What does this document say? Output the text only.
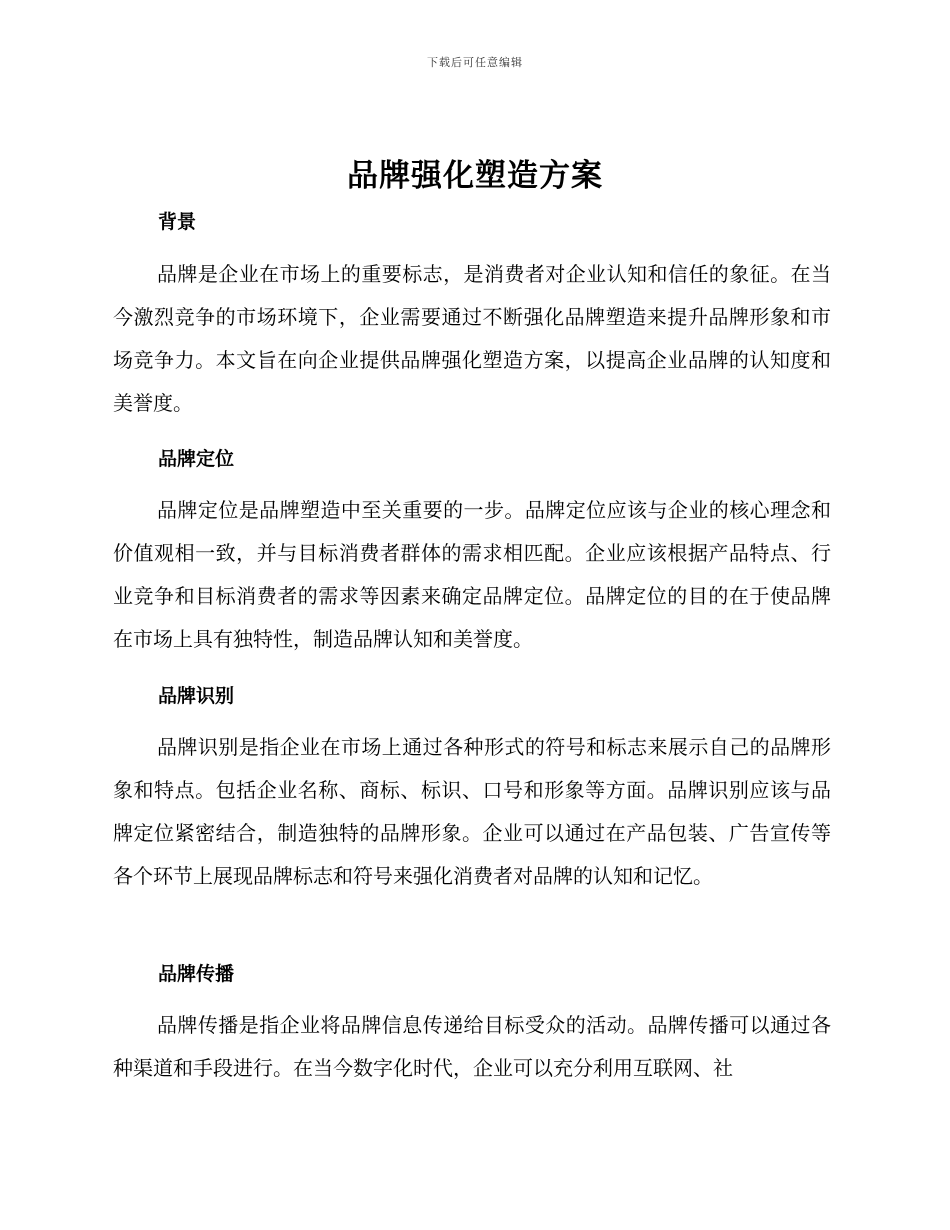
下载后可任意编辑
品牌强化塑造方案
背景
品牌是企业在市场上的重要标志，是消费者对企业认知和信任的象征。在当今激烈竞争的市场环境下，企业需要通过不断强化品牌塑造来提升品牌形象和市场竞争力。本文旨在向企业提供品牌强化塑造方案，以提高企业品牌的认知度和美誉度。
品牌定位
品牌定位是品牌塑造中至关重要的一步。品牌定位应该与企业的核心理念和价值观相一致，并与目标消费者群体的需求相匹配。企业应该根据产品特点、行业竞争和目标消费者的需求等因素来确定品牌定位。品牌定位的目的在于使品牌在市场上具有独特性，制造品牌认知和美誉度。
品牌识别
品牌识别是指企业在市场上通过各种形式的符号和标志来展示自己的品牌形象和特点。包括企业名称、商标、标识、口号和形象等方面。品牌识别应该与品牌定位紧密结合，制造独特的品牌形象。企业可以通过在产品包装、广告宣传等各个环节上展现品牌标志和符号来强化消费者对品牌的认知和记忆。
品牌传播
品牌传播是指企业将品牌信息传递给目标受众的活动。品牌传播可以通过各种渠道和手段进行。在当今数字化时代，企业可以充分利用互联网、社
